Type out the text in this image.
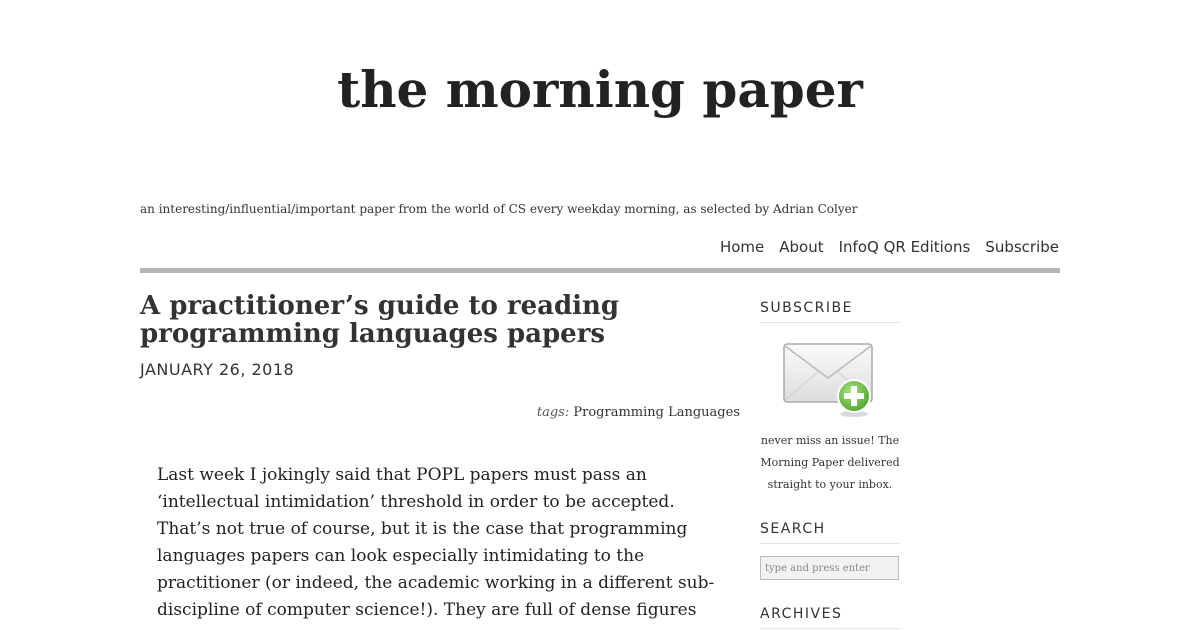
the morning paper
an interesting/influential/important paper from the world of CS every weekday morning, as selected by Adrian Colyer
Home About InfoQ QR Editions Subscribe
A practitioner’s guide to reading programming languages papers
JANUARY 26, 2018
tags: Programming Languages

Last week I jokingly said that POPL papers must pass an ‘intellectual intimidation’ threshold in order to be accepted. That’s not true of course, but it is the case that programming languages papers can look especially intimidating to the practitioner (or indeed, the academic working in a different sub-discipline of computer science!). They are full of dense figures

SUBSCRIBE
never miss an issue! The Morning Paper delivered straight to your inbox.
SEARCH
type and press enter
ARCHIVES
